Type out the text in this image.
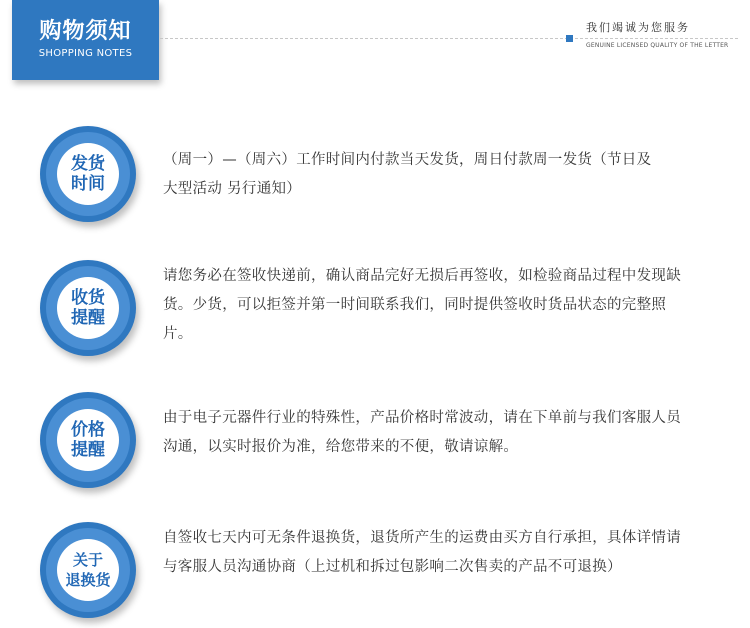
购物须知
SHOPPING NOTES
我们竭诚为您服务
GENUINE LICENSED QUALITY OF THE LETTER
发货
时间
（周一）—（周六）工作时间内付款当天发货，周日付款周一发货（节日及大型活动 另行通知）
收货
提醒
请您务必在签收快递前，确认商品完好无损后再签收，如检验商品过程中发现缺货。少货，可以拒签并第一时间联系我们，同时提供签收时货品状态的完整照片。
价格
提醒
由于电子元器件行业的特殊性，产品价格时常波动，请在下单前与我们客服人员沟通，以实时报价为准，给您带来的不便，敬请谅解。
关于
退换货
自签收七天内可无条件退换货，退货所产生的运费由买方自行承担，具体详情请与客服人员沟通协商（上过机和拆过包影响二次售卖的产品不可退换）
